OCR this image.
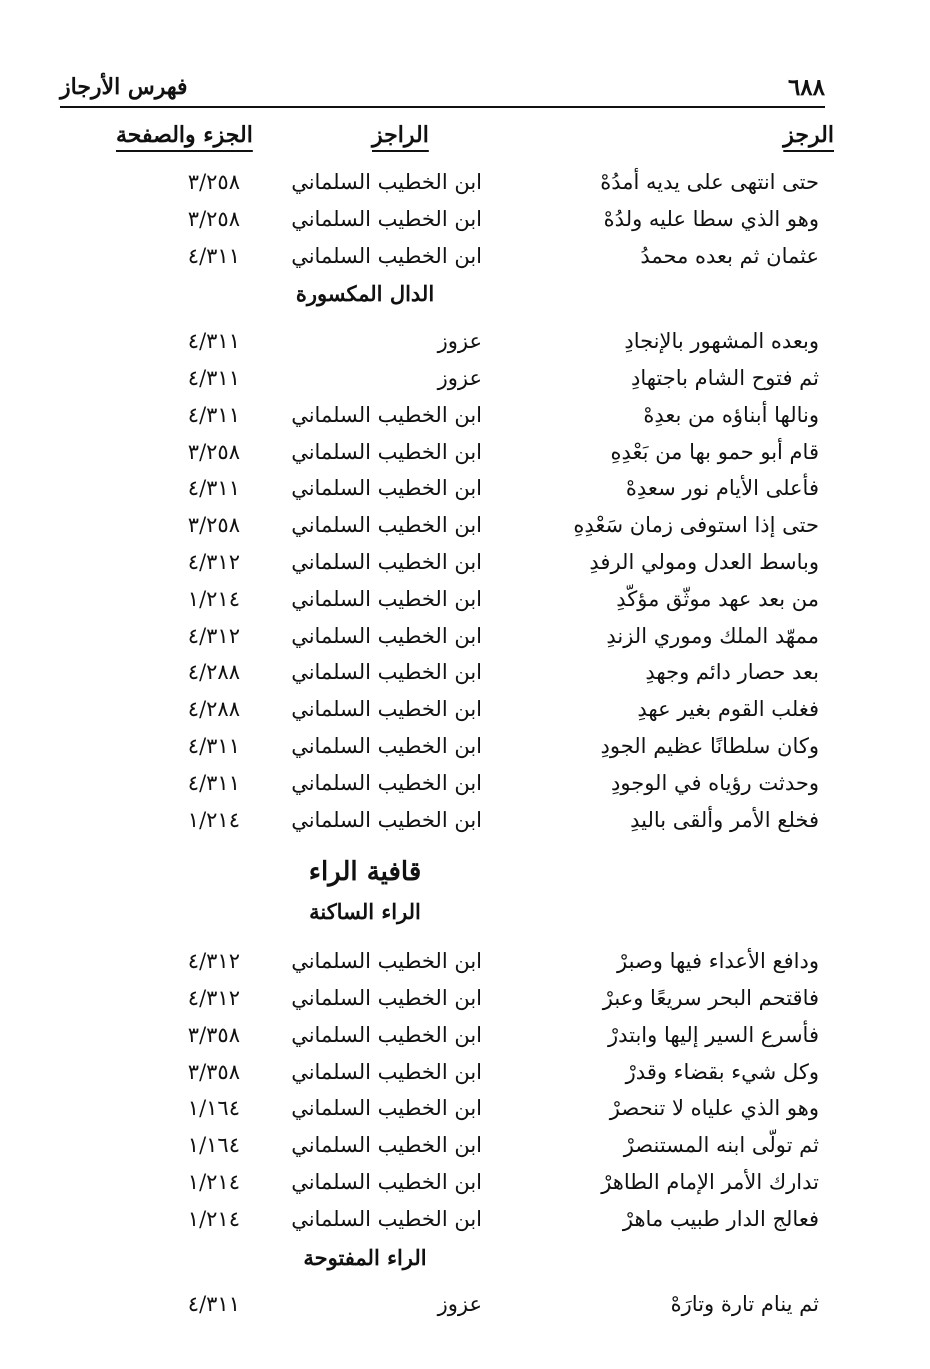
٦٨٨
فهرس الأرجاز
الرجز
الراجز
الجزء والصفحة
حتى انتهى على يديه أمدُهْ
ابن الخطيب السلماني
٣/٢٥٨
وهو الذي سطا عليه ولدُهْ
ابن الخطيب السلماني
٣/٢٥٨
عثمان ثم بعده محمدُ
ابن الخطيب السلماني
٤/٣١١
الدال المكسورة
وبعده المشهور بالإنجادِ
عزوز
٤/٣١١
ثم فتوح الشام باجتهادِ
عزوز
٤/٣١١
ونالها أبناؤه من بعدِهْ
ابن الخطيب السلماني
٤/٣١١
قام أبو حمو بها من بَعْدِهِ
ابن الخطيب السلماني
٣/٢٥٨
فأعلى الأيام نور سعدِهْ
ابن الخطيب السلماني
٤/٣١١
حتى إذا استوفى زمان سَعْدِهِ
ابن الخطيب السلماني
٣/٢٥٨
وباسط العدل ومولي الرفدِ
ابن الخطيب السلماني
٤/٣١٢
من بعد عهد موثّق مؤكّدِ
ابن الخطيب السلماني
١/٢١٤
ممهّد الملك وموري الزندِ
ابن الخطيب السلماني
٤/٣١٢
بعد حصار دائم وجهدِ
ابن الخطيب السلماني
٤/٢٨٨
فغلب القوم بغير عهدِ
ابن الخطيب السلماني
٤/٢٨٨
وكان سلطانًا عظيم الجودِ
ابن الخطيب السلماني
٤/٣١١
وحدثت رؤياه في الوجودِ
ابن الخطيب السلماني
٤/٣١١
فخلع الأمر وألقى باليدِ
ابن الخطيب السلماني
١/٢١٤
قافية الراء
الراء الساكنة
ودافع الأعداء فيها وصبرْ
ابن الخطيب السلماني
٤/٣١٢
فاقتحم البحر سريعًا وعبرْ
ابن الخطيب السلماني
٤/٣١٢
فأسرع السير إليها وابتدرْ
ابن الخطيب السلماني
٣/٣٥٨
وكل شيء بقضاء وقدرْ
ابن الخطيب السلماني
٣/٣٥٨
وهو الذي علياه لا تنحصرْ
ابن الخطيب السلماني
١/١٦٤
ثم تولّى ابنه المستنصرْ
ابن الخطيب السلماني
١/١٦٤
تدارك الأمر الإمام الطاهرْ
ابن الخطيب السلماني
١/٢١٤
فعالج الدار طبيب ماهرْ
ابن الخطيب السلماني
١/٢١٤
الراء المفتوحة
ثم ينام تارة وتارَهْ
عزوز
٤/٣١١
